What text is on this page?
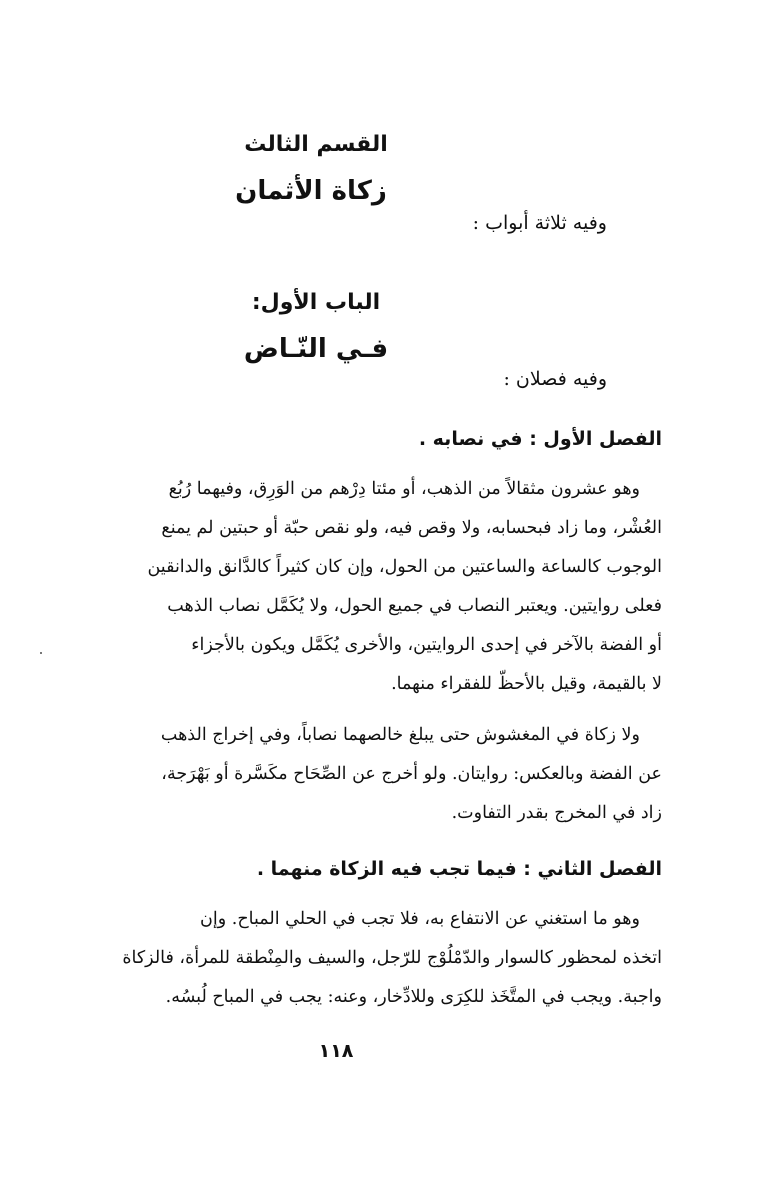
القسم الثالث
زكاة الأثمان
وفيه ثلاثة أبواب :
الباب الأول:
فـي النّـاض
وفيه فصلان :
الفصل الأول : في نصابه .
وهو عشرون مثقالاً من الذهب، أو مئتا دِرْهم من الوَرِق، وفيهما رُبُع
العُشْر، وما زاد فبحسابه، ولا وقص فيه، ولو نقص حبّة أو حبتين لم يمنع
الوجوب كالساعة والساعتين من الحول، وإن كان كثيراً كالدَّانق والدانقين
فعلى روايتين. ويعتبر النصاب في جميع الحول، ولا يُكَمَّل نصاب الذهب
أو الفضة بالآخر في إحدى الروايتين، والأخرى يُكَمَّل ويكون بالأجزاء
لا بالقيمة، وقيل بالأحظّ للفقراء منهما.
ولا زكاة في المغشوش حتى يبلغ خالصهما نصاباً، وفي إخراج الذهب
عن الفضة وبالعكس: روايتان. ولو أخرج عن الصِّحَاح مكَسَّرة أو بَهْرَجة،
زاد في المخرج بقدر التفاوت.
الفصل الثاني : فيما تجب فيه الزكاة منهما .
وهو ما استغني عن الانتفاع به، فلا تجب في الحلي المباح. وإن
اتخذه لمحظور كالسوار والدّمْلُوْج للرّجل، والسيف والمِنْطقة للمرأة، فالزكاة
واجبة. ويجب في المتَّخَذ للكِرَى وللادِّخار، وعنه: يجب في المباح لُبسُه.
١١٨
